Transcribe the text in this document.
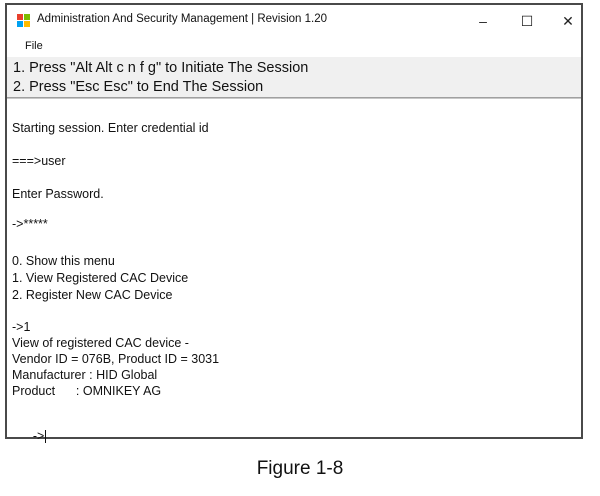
Administration And Security Management | Revision 1.20	– ☐ ✕
File
1. Press "Alt Alt c n f g" to Initiate The Session
2. Press "Esc Esc" to End The Session
Starting session. Enter credential id
===>user
Enter Password.
->*****
0. Show this menu
1. View Registered CAC Device
2. Register New CAC Device
->1
View of registered CAC device -
Vendor ID = 076B, Product ID = 3031
Manufacturer : HID Global
Product      : OMNIKEY AG

->

Figure 1-8
